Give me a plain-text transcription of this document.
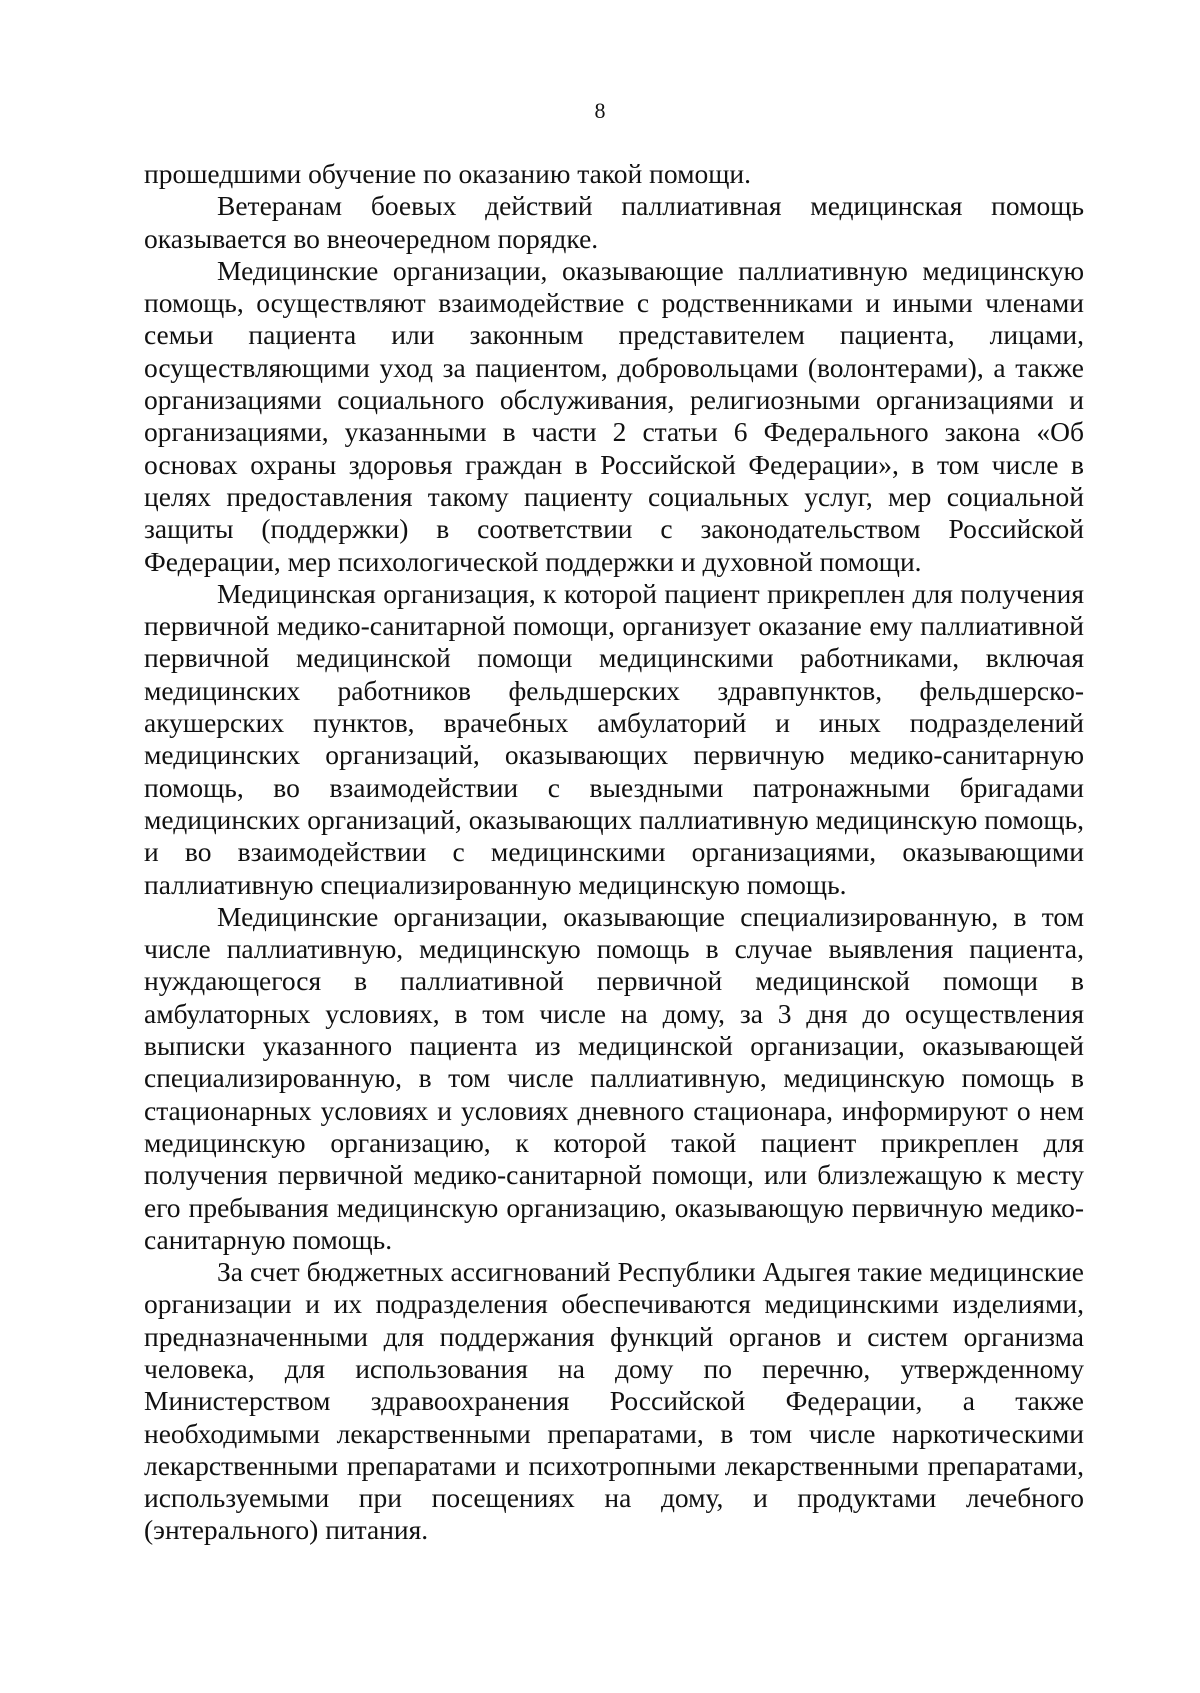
8

прошедшими обучение по оказанию такой помощи.

Ветеранам боевых действий паллиативная медицинская помощь оказывается во внеочередном порядке.

Медицинские организации, оказывающие паллиативную медицинскую помощь, осуществляют взаимодействие с родственниками и иными членами семьи пациента или законным представителем пациента, лицами, осуществляющими уход за пациентом, добровольцами (волонтерами), а также организациями социального обслуживания, религиозными организациями и организациями, указанными в части 2 статьи 6 Федерального закона «Об основах охраны здоровья граждан в Российской Федерации», в том числе в целях предоставления такому пациенту социальных услуг, мер социальной защиты (поддержки) в соответствии с законодательством Российской Федерации, мер психологической поддержки и духовной помощи.

Медицинская организация, к которой пациент прикреплен для получения первичной медико-санитарной помощи, организует оказание ему паллиативной первичной медицинской помощи медицинскими работниками, включая медицинских работников фельдшерских здравпунктов, фельдшерско-акушерских пунктов, врачебных амбулаторий и иных подразделений медицинских организаций, оказывающих первичную медико-санитарную помощь, во взаимодействии с выездными патронажными бригадами медицинских организаций, оказывающих паллиативную медицинскую помощь, и во взаимодействии с медицинскими организациями, оказывающими паллиативную специализированную медицинскую помощь.

Медицинские организации, оказывающие специализированную, в том числе паллиативную, медицинскую помощь в случае выявления пациента, нуждающегося в паллиативной первичной медицинской помощи в амбулаторных условиях, в том числе на дому, за 3 дня до осуществления выписки указанного пациента из медицинской организации, оказывающей специализированную, в том числе паллиативную, медицинскую помощь в стационарных условиях и условиях дневного стационара, информируют о нем медицинскую организацию, к которой такой пациент прикреплен для получения первичной медико-санитарной помощи, или близлежащую к месту его пребывания медицинскую организацию, оказывающую первичную медико-санитарную помощь.

За счет бюджетных ассигнований Республики Адыгея такие медицинские организации и их подразделения обеспечиваются медицинскими изделиями, предназначенными для поддержания функций органов и систем организма человека, для использования на дому по перечню, утвержденному Министерством здравоохранения Российской Федерации, а также необходимыми лекарственными препаратами, в том числе наркотическими лекарственными препаратами и психотропными лекарственными препаратами, используемыми при посещениях на дому, и продуктами лечебного (энтерального) питания.
